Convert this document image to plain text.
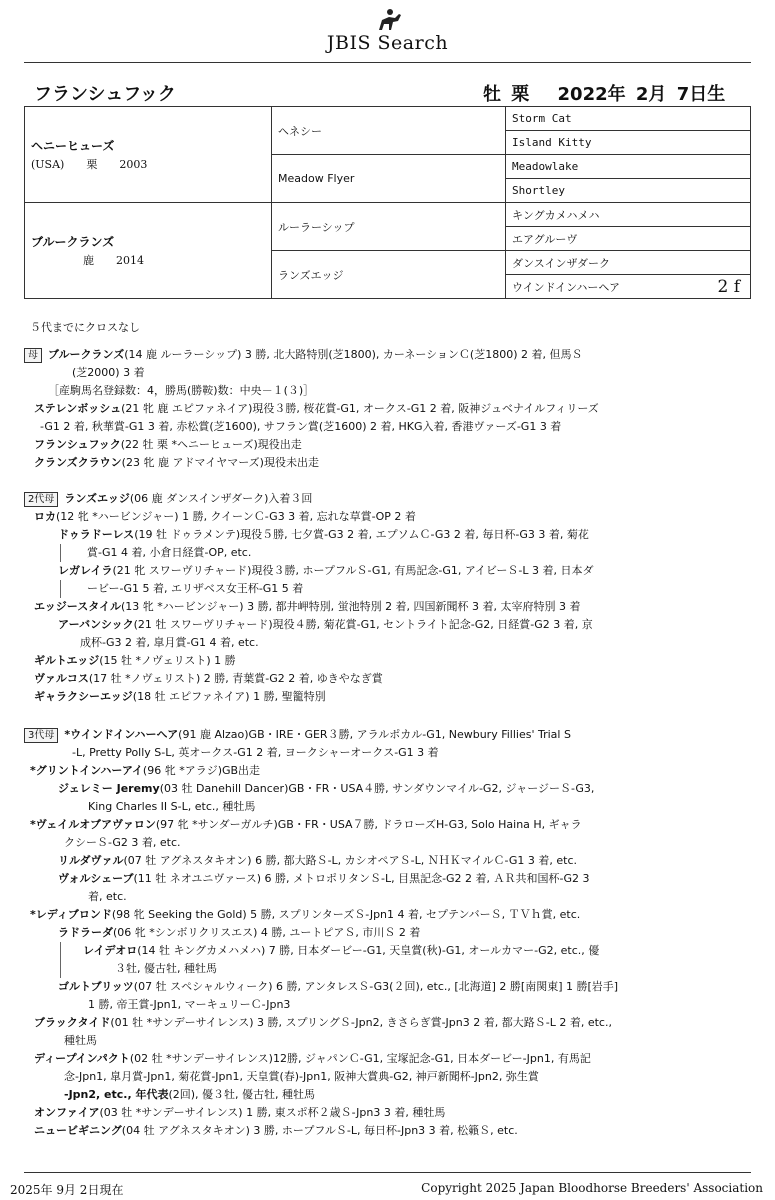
JBIS Search
フランシュフック	牡 栗　 2022年 2月 7日生
ヘニーヒューズ
(USA)　　栗　　2003	ヘネシー	Storm Cat
		Island Kitty
	Meadow Flyer	Meadowlake
		Shortley

ブルークランズ
鹿　　2014	ルーラーシップ	キングカメハメハ
		エアグルーヴ
	ランズエッジ	ダンスインザダーク

		ウインドインハーヘア 2 f
５代までにクロスなし
母 ブルークランズ(14 鹿 ルーラーシップ) 3 勝, 北大路特別(芝1800), カーネーションＣ(芝1800) 2 着, 但馬Ｓ
(芝2000) 3 着
［産駒馬名登録数：4，勝馬(勝鞍)数：中央－１(３)］
ステレンボッシュ(21 牝 鹿 エピファネイア)現役３勝, 桜花賞-G1, オークス-G1 2 着, 阪神ジュベナイルフィリーズ
-G1 2 着, 秋華賞-G1 3 着, 赤松賞(芝1600), サフラン賞(芝1600) 2 着, HKG入着, 香港ヴァーズ-G1 3 着
フランシュフック(22 牡 栗 *ヘニーヒューズ)現役出走
クランズクラウン(23 牝 鹿 アドマイヤマーズ)現役未出走
2代母 ランズエッジ(06 鹿 ダンスインザダーク)入着３回
ロカ(12 牝 *ハービンジャー) 1 勝, クイーンＣ-G3 3 着, 忘れな草賞-OP 2 着
ドゥラドーレス(19 牡 ドゥラメンテ)現役５勝, 七夕賞-G3 2 着, エプソムＣ-G3 2 着, 毎日杯-G3 3 着, 菊花
賞-G1 4 着, 小倉日経賞-OP, etc.
レガレイラ(21 牝 スワーヴリチャード)現役３勝, ホープフルＳ-G1, 有馬記念-G1, アイビーＳ-L 3 着, 日本ダ
ービー-G1 5 着, エリザベス女王杯-G1 5 着
エッジースタイル(13 牝 *ハービンジャー) 3 勝, 都井岬特別, 蛍池特別 2 着, 四国新聞杯 3 着, 太宰府特別 3 着
アーバンシック(21 牡 スワーヴリチャード)現役４勝, 菊花賞-G1, セントライト記念-G2, 日経賞-G2 3 着, 京
成杯-G3 2 着, 皐月賞-G1 4 着, etc.
ギルトエッジ(15 牡 *ノヴェリスト) 1 勝
ヴァルコス(17 牡 *ノヴェリスト) 2 勝, 青葉賞-G2 2 着, ゆきやなぎ賞
ギャラクシーエッジ(18 牡 エピファネイア) 1 勝, 聖籠特別
3代母 *ウインドインハーヘア(91 鹿 Alzao)GB・IRE・GER３勝, アラルポカル-G1, Newbury Fillies' Trial S
-L, Pretty Polly S-L, 英オークス-G1 2 着, ヨークシャーオークス-G1 3 着
*グリントインハーアイ(96 牝 *アラジ)GB出走
ジェレミー Jeremy(03 牡 Danehill Dancer)GB・FR・USA４勝, サンダウンマイル-G2, ジャージーＳ-G3,
King Charles II S-L, etc., 種牡馬
*ヴェイルオブアヴァロン(97 牝 *サンダーガルチ)GB・FR・USA７勝, ドラローズH-G3, Solo Haina H, ギャラ
クシーＳ-G2 3 着, etc.
リルダヴァル(07 牡 アグネスタキオン) 6 勝, 都大路Ｓ-L, カシオペアＳ-L, ＮＨＫマイルＣ-G1 3 着, etc.
ヴォルシェーブ(11 牡 ネオユニヴァース) 6 勝, メトロポリタンＳ-L, 目黒記念-G2 2 着, ＡＲ共和国杯-G2 3
着, etc.
*レディブロンド(98 牝 Seeking the Gold) 5 勝, スプリンターズＳ-Jpn1 4 着, セプテンバーＳ, ＴＶｈ賞, etc.
ラドラーダ(06 牝 *シンボリクリスエス) 4 勝, ユートピアＳ, 市川Ｓ 2 着
レイデオロ(14 牡 キングカメハメハ) 7 勝, 日本ダービー-G1, 天皇賞(秋)-G1, オールカマー-G2, etc., 優
３牡, 優古牡, 種牡馬
ゴルトブリッツ(07 牡 スペシャルウィーク) 6 勝, アンタレスＳ-G3(２回), etc., [北海道] 2 勝[南関東] 1 勝[岩手]
1 勝, 帝王賞-Jpn1, マーキュリーＣ-Jpn3
ブラックタイド(01 牡 *サンデーサイレンス) 3 勝, スプリングＳ-Jpn2, きさらぎ賞-Jpn3 2 着, 都大路Ｓ-L 2 着, etc.,
種牡馬
ディープインパクト(02 牡 *サンデーサイレンス)12勝, ジャパンＣ-G1, 宝塚記念-G1, 日本ダービー-Jpn1, 有馬記
念-Jpn1, 皐月賞-Jpn1, 菊花賞-Jpn1, 天皇賞(春)-Jpn1, 阪神大賞典-G2, 神戸新聞杯-Jpn2, 弥生賞
-Jpn2, etc., 年代表(2回), 優３牡, 優古牡, 種牡馬
オンファイア(03 牡 *サンデーサイレンス) 1 勝, 東スポ杯２歳Ｓ-Jpn3 3 着, 種牡馬
ニュービギニング(04 牡 アグネスタキオン) 3 勝, ホープフルＳ-L, 毎日杯-Jpn3 3 着, 松籟Ｓ, etc.
2025年 9月 2日現在	Copyright 2025 Japan Bloodhorse Breeders' Association
